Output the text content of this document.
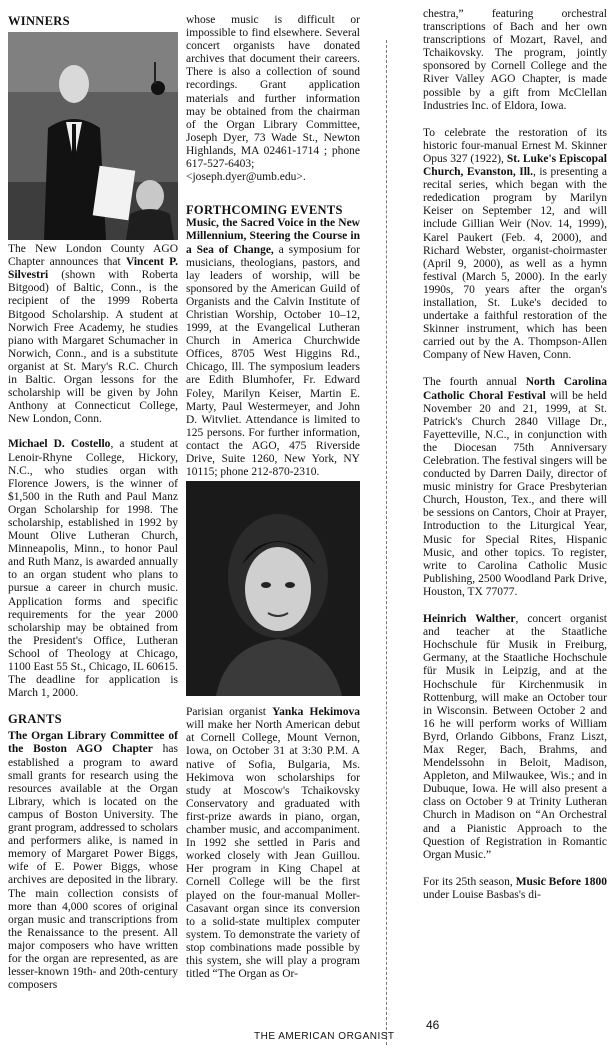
WINNERS

The New London County AGO Chapter announces that Vincent P. Silvestri (shown with Roberta Bitgood) of Baltic, Conn., is the recipient of the 1999 Roberta Bitgood Scholarship. A student at Norwich Free Academy, he studies piano with Margaret Schumacher in Norwich, Conn., and is a substitute organist at St. Mary's R.C. Church in Baltic. Organ lessons for the scholarship will be given by John Anthony at Connecticut College, New London, Conn.

Michael D. Costello, a student at Lenoir-Rhyne College, Hickory, N.C., who studies organ with Florence Jowers, is the winner of $1,500 in the Ruth and Paul Manz Organ Scholarship for 1998. The scholarship, established in 1992 by Mount Olive Lutheran Church, Minneapolis, Minn., to honor Paul and Ruth Manz, is awarded annually to an organ student who plans to pursue a career in church music. Application forms and specific requirements for the year 2000 scholarship may be obtained from the President's Office, Lutheran School of Theology at Chicago, 1100 East 55 St., Chicago, IL 60615. The deadline for application is March 1, 2000.

GRANTS

The Organ Library Committee of the Boston AGO Chapter has established a program to award small grants for research using the resources available at the Organ Library, which is located on the campus of Boston University. The grant program, addressed to scholars and performers alike, is named in memory of Margaret Power Biggs, wife of E. Power Biggs, whose archives are deposited in the library. The main collection consists of more than 4,000 scores of original organ music and transcriptions from the Renaissance to the present. All major composers who have written for the organ are represented, as are lesser-known 19th- and 20th-century composers

whose music is difficult or impossible to find elsewhere. Several concert organists have donated archives that document their careers. There is also a collection of sound recordings. Grant application materials and further information may be obtained from the chairman of the Organ Library Committee, Joseph Dyer, 73 Wade St., Newton Highlands, MA 02461-1714 ; phone 617-527-6403; <joseph.dyer@umb.edu>.

FORTHCOMING EVENTS

Music, the Sacred Voice in the New Millennium, Steering the Course in a Sea of Change, a symposium for musicians, theologians, pastors, and lay leaders of worship, will be sponsored by the American Guild of Organists and the Calvin Institute of Christian Worship, October 10–12, 1999, at the Evangelical Lutheran Church in America Churchwide Offices, 8705 West Higgins Rd., Chicago, Ill. The symposium leaders are Edith Blumhofer, Fr. Edward Foley, Marilyn Keiser, Martin E. Marty, Paul Westermeyer, and John D. Witvliet. Attendance is limited to 125 persons. For further information, contact the AGO, 475 Riverside Drive, Suite 1260, New York, NY 10115; phone 212-870-2310.

Parisian organist Yanka Hekimova will make her North American debut at Cornell College, Mount Vernon, Iowa, on October 31 at 3:30 P.M. A native of Sofia, Bulgaria, Ms. Hekimova won scholarships for study at Moscow's Tchaikovsky Conservatory and graduated with first-prize awards in piano, organ, chamber music, and accompaniment. In 1992 she settled in Paris and worked closely with Jean Guillou. Her program in King Chapel at Cornell College will be the first played on the four-manual Moller-Casavant organ since its conversion to a solid-state multiplex computer system. To demonstrate the variety of stop combinations made possible by this system, she will play a program titled “The Organ as Or-

chestra,” featuring orchestral transcriptions of Bach and her own transcriptions of Mozart, Ravel, and Tchaikovsky. The program, jointly sponsored by Cornell College and the River Valley AGO Chapter, is made possible by a gift from McClellan Industries Inc. of Eldora, Iowa.

To celebrate the restoration of its historic four-manual Ernest M. Skinner Opus 327 (1922), St. Luke's Episcopal Church, Evanston, Ill., is presenting a recital series, which began with the rededication program by Marilyn Keiser on September 12, and will include Gillian Weir (Nov. 14, 1999), Karel Paukert (Feb. 4, 2000), and Richard Webster, organist-choirmaster (April 9, 2000), as well as a hymn festival (March 5, 2000). In the early 1990s, 70 years after the organ's installation, St. Luke's decided to undertake a faithful restoration of the Skinner instrument, which has been carried out by the A. Thompson-Allen Company of New Haven, Conn.

The fourth annual North Carolina Catholic Choral Festival will be held November 20 and 21, 1999, at St. Patrick's Church 2840 Village Dr., Fayetteville, N.C., in conjunction with the Diocesan 75th Anniversary Celebration. The festival singers will be conducted by Darren Daily, director of music ministry for Grace Presbyterian Church, Houston, Tex., and there will be sessions on Cantors, Choir at Prayer, Introduction to the Liturgical Year, Music for Special Rites, Hispanic Music, and other topics. To register, write to Carolina Catholic Music Publishing, 2500 Woodland Park Drive, Houston, TX 77077.

Heinrich Walther, concert organist and teacher at the Staatliche Hochschule für Musik in Freiburg, Germany, at the Staatliche Hochschule für Musik in Leipzig, and at the Hochschule für Kirchenmusik in Rottenburg, will make an October tour in Wisconsin. Between October 2 and 16 he will perform works of William Byrd, Orlando Gibbons, Franz Liszt, Max Reger, Bach, Brahms, and Mendelssohn in Beloit, Madison, Appleton, and Milwaukee, Wis.; and in Dubuque, Iowa. He will also present a class on October 9 at Trinity Lutheran Church in Madison on “An Orchestral and a Pianistic Approach to the Question of Registration in Romantic Organ Music.”

For its 25th season, Music Before 1800 under Louise Basbas's di-

THE AMERICAN ORGANIST
46
